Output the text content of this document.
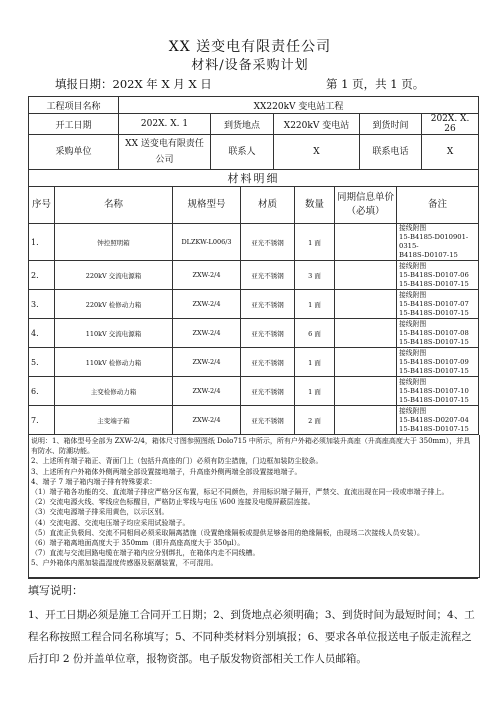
XX 送变电有限责任公司
材料/设备采购计划
填报日期：202X 年 X 月 X 日	第 1 页，共 1 页。
工程项目名称	XX220kV 变电站工程				
开工日期	202X. X. 1	到货地点	X220kV 变电站	到货时间	202X. X. 26
采购单位	XX 送变电有限责任公司	联系人	X	联系电话	X
材料明细						
序号	名称	规格型号	材质	数量	同期信息单价（必填）	备注
1.	钟控照明箱	DLZKW-L006/3	亚光不锈钢	1 面		接线附图
15-B4185-D010901-0315-
B418S-D0107-15

2.	220kV 交流电源箱	ZXW-2/4	亚光不锈钢	3 面		接线附图
15-B418S-D0107-06
15-B418S-D0107-15

3.	220kV 检修动力箱	ZXW-2/4	亚光不锈钢	1 面		接线附图
15-B418S-D0107-07
15-B418S-D0107-15

4.	110kV 交流电源箱	ZXW-2/4	亚光不锈钢	6 面		接线附图
15-B418S-D0107-08
15-B418S-D0107-15

5.	110kV 检修动力箱	ZXW-2/4	亚光不锈钢	1 面		接线附图
15-B418S-D0107-09
15-B418S-D0107-15

6.	主变检修动力箱	ZXW-2/4	亚光不锈钢	1 面		接线附图
15-B418S-D0107-10
15-B418S-D0107-15

7.	主变端子箱	ZXW-2/4	亚光不锈钢	2 面		接线附图
15-B418S-D0207-04
15-B418S-D0107-15

说明：1、箱体型号全部为 ZXW-2/4，箱体尺寸图参照图纸 Dolo715 中所示，所有户外箱必须加装升高座（升高座高度大于 350mm），并具有防水、防潮功能。

2、上述所有端子箱正、背面门上（包括升高座的门）必须有防尘措施，门边框加装防尘胶条。

3、上述所有户外箱体外侧两端全部设置接地端子，升高座外侧两端全部设置接地端子。

4、端子 7 端子箱内端子排有特殊要求：

（1）端子箱各功能的交、直流端子排应严格分区布置，标记不同颜色，并用标识端子隔开，严禁交、直流出现在同一段或串端子排上。

（2）交流电源火线、零线应色标醒目，严格防止零线与电压 \600 连接及电缆屏蔽层连接。

（3）交流电源端子排采用黄色，以示区别。

（4）交流电源、交流电压端子均应采用试验端子。

（5）直流正负极间、交流不同相间必须采取隔离措施（设置绝缘隔板或提供足够备用的绝缘隔板，由现场二次接线人员安装）。

（6）端子箱离地面高度大于 350mm（即升高座高度大于 350μl）。

（7）直流与交流回路电缆在端子箱内应分别绑扎，在箱体内走不同线槽。

5、户外箱体内需加装温湿度传感器及驱潮装置，不可混用。

填写说明：
1、开工日期必须是施工合同开工日期；2、到货地点必须明确；3、到货时间为最短时间；4、工程名称按照工程合同名称填写；5、不同种类材料分别填报；6、要求各单位报送电子版走流程之后打印 2 份并盖单位章，报物资部。电子版发物资部相关工作人员邮箱。
